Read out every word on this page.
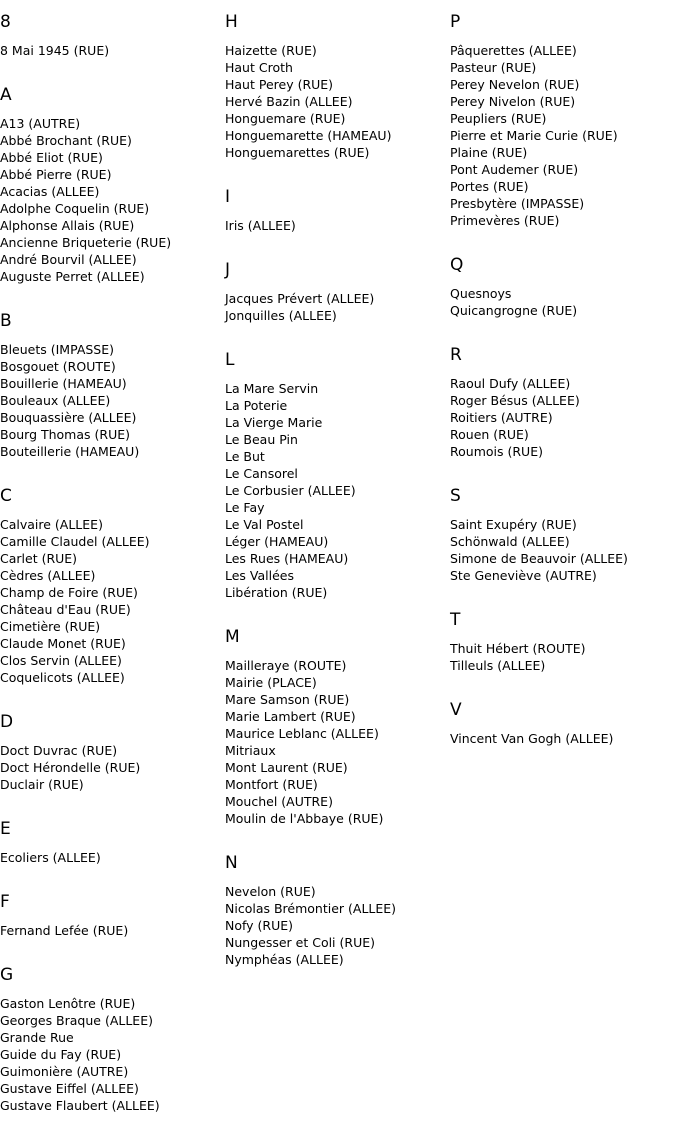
8
8 Mai 1945 (RUE)
A
A13 (AUTRE)
Abbé Brochant (RUE)
Abbé Eliot (RUE)
Abbé Pierre (RUE)
Acacias (ALLEE)
Adolphe Coquelin (RUE)
Alphonse Allais (RUE)
Ancienne Briqueterie (RUE)
André Bourvil (ALLEE)
Auguste Perret (ALLEE)
B
Bleuets (IMPASSE)
Bosgouet (ROUTE)
Bouillerie (HAMEAU)
Bouleaux (ALLEE)
Bouquassière (ALLEE)
Bourg Thomas (RUE)
Bouteillerie (HAMEAU)
C
Calvaire (ALLEE)
Camille Claudel (ALLEE)
Carlet (RUE)
Cèdres (ALLEE)
Champ de Foire (RUE)
Château d'Eau (RUE)
Cimetière (RUE)
Claude Monet (RUE)
Clos Servin (ALLEE)
Coquelicots (ALLEE)
D
Doct Duvrac (RUE)
Doct Hérondelle (RUE)
Duclair (RUE)
E
Ecoliers (ALLEE)
F
Fernand Lefée (RUE)
G
Gaston Lenôtre (RUE)
Georges Braque (ALLEE)
Grande Rue
Guide du Fay (RUE)
Guimonière (AUTRE)
Gustave Eiffel (ALLEE)
Gustave Flaubert (ALLEE)
H
Haizette (RUE)
Haut Croth
Haut Perey (RUE)
Hervé Bazin (ALLEE)
Honguemare (RUE)
Honguemarette (HAMEAU)
Honguemarettes (RUE)
I
Iris (ALLEE)
J
Jacques Prévert (ALLEE)
Jonquilles (ALLEE)
L
La Mare Servin
La Poterie
La Vierge Marie
Le Beau Pin
Le But
Le Cansorel
Le Corbusier (ALLEE)
Le Fay
Le Val Postel
Léger (HAMEAU)
Les Rues (HAMEAU)
Les Vallées
Libération (RUE)
M
Mailleraye (ROUTE)
Mairie (PLACE)
Mare Samson (RUE)
Marie Lambert (RUE)
Maurice Leblanc (ALLEE)
Mitriaux
Mont Laurent (RUE)
Montfort (RUE)
Mouchel (AUTRE)
Moulin de l'Abbaye (RUE)
N
Nevelon (RUE)
Nicolas Brémontier (ALLEE)
Nofy (RUE)
Nungesser et Coli (RUE)
Nymphéas (ALLEE)
P
Pâquerettes (ALLEE)
Pasteur (RUE)
Perey Nevelon (RUE)
Perey Nivelon (RUE)
Peupliers (RUE)
Pierre et Marie Curie (RUE)
Plaine (RUE)
Pont Audemer (RUE)
Portes (RUE)
Presbytère (IMPASSE)
Primevères (RUE)
Q
Quesnoys
Quicangrogne (RUE)
R
Raoul Dufy (ALLEE)
Roger Bésus (ALLEE)
Roitiers (AUTRE)
Rouen (RUE)
Roumois (RUE)
S
Saint Exupéry (RUE)
Schönwald (ALLEE)
Simone de Beauvoir (ALLEE)
Ste Geneviève (AUTRE)
T
Thuit Hébert (ROUTE)
Tilleuls (ALLEE)
V
Vincent Van Gogh (ALLEE)
